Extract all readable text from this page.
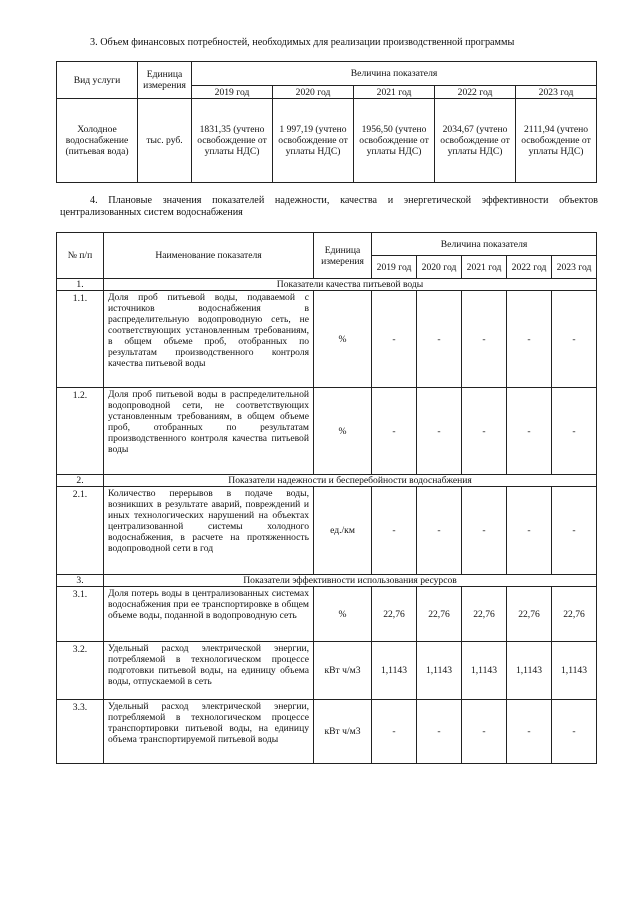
3. Объем финансовых потребностей, необходимых для реализации производственной программы
Вид услуги	Единица измерения	Величина показателя				
		2019 год	2020 год	2021 год	2022 год	2023 год
Холодное водоснабжение (питьевая вода)	тыс. руб.	1831,35 (учтено освобождение от уплаты НДС)	1 997,19 (учтено освобождение от уплаты НДС)	1956,50 (учтено освобождение от уплаты НДС)	2034,67 (учтено освобождение от уплаты НДС)	2111,94 (учтено освобождение от уплаты НДС)
4. Плановые значения показателей надежности, качества и энергетической эффективности объектов централизованных систем водоснабжения
№ п/п	Наименование показателя	Единица измерения	Величина показателя				
			2019 год	2020 год	2021 год	2022 год	2023 год
1.	Показатели качества питьевой воды						
1.1.	Доля проб питьевой воды, подаваемой с источников водоснабжения в распределительную водопроводную сеть, не соответствующих установленным требованиям, в общем объеме проб, отобранных по результатам производственного контроля качества питьевой воды	%	-	-	-	-	-
1.2.	Доля проб питьевой воды в распределительной водопроводной сети, не соответствующих установленным требованиям, в общем объеме проб, отобранных по результатам производственного контроля качества питьевой воды	%	-	-	-	-	-
2.	Показатели надежности и бесперебойности водоснабжения						
2.1.	Количество перерывов в подаче воды, возникших в результате аварий, повреждений и иных технологических нарушений на объектах централизованной системы холодного водоснабжения, в расчете на протяженность водопроводной сети в год	ед./км	-	-	-	-	-
3.	Показатели эффективности использования ресурсов						
3.1.	Доля потерь воды в централизованных системах водоснабжения при ее транспортировке в общем объеме воды, поданной в водопроводную сеть	%	22,76	22,76	22,76	22,76	22,76
3.2.	Удельный расход электрической энергии, потребляемой в технологическом процессе подготовки питьевой воды, на единицу объема воды, отпускаемой в сеть	кВт ч/м3	1,1143	1,1143	1,1143	1,1143	1,1143
3.3.	Удельный расход электрической энергии, потребляемой в технологическом процессе транспортировки питьевой воды, на единицу объема транспортируемой питьевой воды	кВт ч/м3	-	-	-	-	-
